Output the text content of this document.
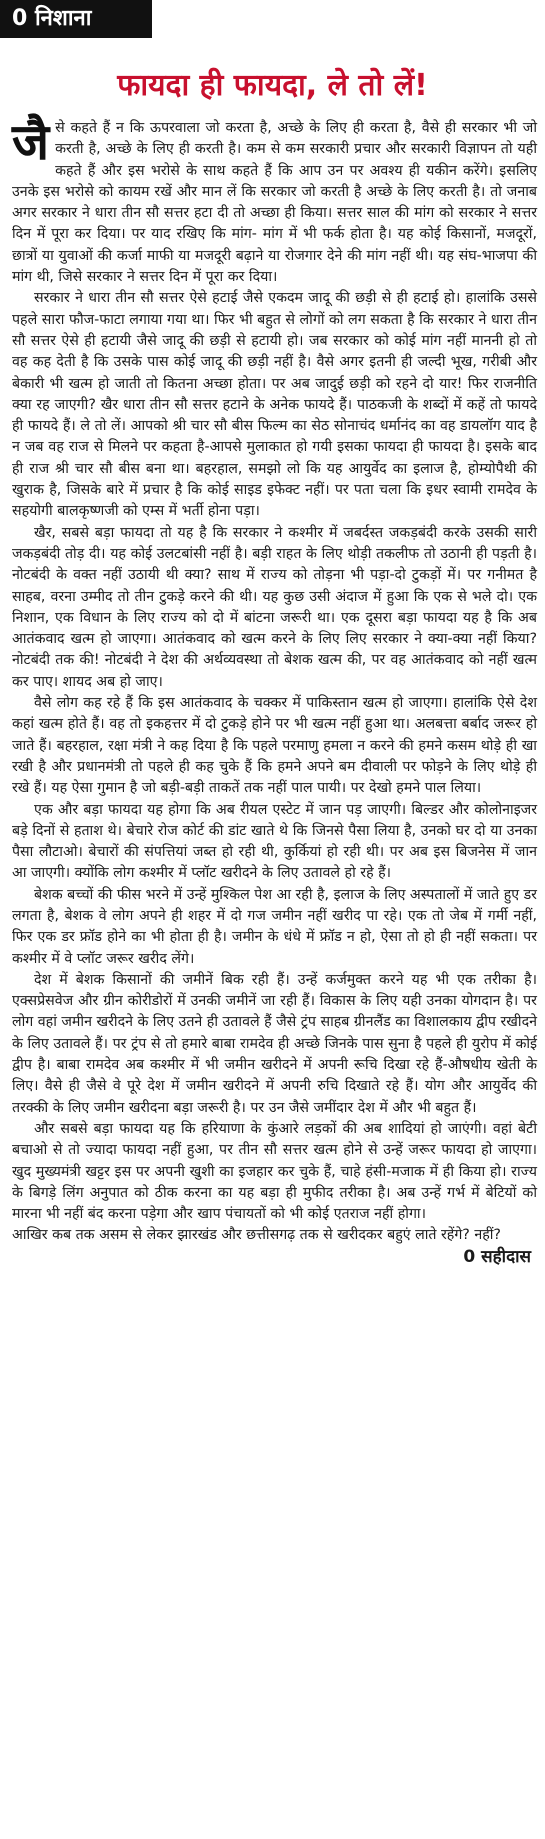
0 निशाना
फायदा ही फायदा, ले तो लें!

जैसे कहते हैं न कि ऊपरवाला जो करता है, अच्छे के लिए ही करता है, वैसे ही सरकार भी जो करती है, अच्छे के लिए ही करती है। कम से कम सरकारी प्रचार और सरकारी विज्ञापन तो यही कहते हैं और इस भरोसे के साथ कहते हैं कि आप उन पर अवश्य ही यकीन करेंगे। इसलिए उनके इस भरोसे को कायम रखें और मान लें कि सरकार जो करती है अच्छे के लिए करती है। तो जनाब अगर सरकार ने धारा तीन सौ सत्तर हटा दी तो अच्छा ही किया। सत्तर साल की मांग को सरकार ने सत्तर दिन में पूरा कर दिया। पर याद रखिए कि मांग- मांग में भी फर्क होता है। यह कोई किसानों, मजदूरों, छात्रों या युवाओं की कर्जा माफी या मजदूरी बढ़ाने या रोजगार देने की मांग नहीं थी। यह संघ-भाजपा की मांग थी, जिसे सरकार ने सत्तर दिन में पूरा कर दिया।

सरकार ने धारा तीन सौ सत्तर ऐसे हटाई जैसे एकदम जादू की छड़ी से ही हटाई हो। हालांकि उससे पहले सारा फौज-फाटा लगाया गया था। फिर भी बहुत से लोगों को लग सकता है कि सरकार ने धारा तीन सौ सत्तर ऐसे ही हटायी जैसे जादू की छड़ी से हटायी हो। जब सरकार को कोई मांग नहीं माननी हो तो वह कह देती है कि उसके पास कोई जादू की छड़ी नहीं है। वैसे अगर इतनी ही जल्दी भूख, गरीबी और बेकारी भी खत्म हो जाती तो कितना अच्छा होता। पर अब जादुई छड़ी को रहने दो यार! फिर राजनीति क्या रह जाएगी? खैर धारा तीन सौ सत्तर हटाने के अनेक फायदे हैं। पाठकजी के शब्दों में कहें तो फायदे ही फायदे हैं। ले तो लें। आपको श्री चार सौ बीस फिल्म का सेठ सोनाचंद धर्मानंद का वह डायलॉग याद है न जब वह राज से मिलने पर कहता है-आपसे मुलाकात हो गयी इसका फायदा ही फायदा है। इसके बाद ही राज श्री चार सौ बीस बना था। बहरहाल, समझो लो कि यह आयुर्वेद का इलाज है, होम्योपैथी की खुराक है, जिसके बारे में प्रचार है कि कोई साइड इफेक्ट नहीं। पर पता चला कि इधर स्वामी रामदेव के सहयोगी बालकृष्णजी को एम्स में भर्ती होना पड़ा।

खैर, सबसे बड़ा फायदा तो यह है कि सरकार ने कश्मीर में जबर्दस्त जकड़बंदी करके उसकी सारी जकड़बंदी तोड़ दी। यह कोई उलटबांसी नहीं है। बड़ी राहत के लिए थोड़ी तकलीफ तो उठानी ही पड़ती है। नोटबंदी के वक्त नहीं उठायी थी क्या? साथ में राज्य को तोड़ना भी पड़ा-दो टुकड़ों में। पर गनीमत है साहब, वरना उम्मीद तो तीन टुकड़े करने की थी। यह कुछ उसी अंदाज में हुआ कि एक से भले दो। एक निशान, एक विधान के लिए राज्य को दो में बांटना जरूरी था। एक दूसरा बड़ा फायदा यह है कि अब आतंकवाद खत्म हो जाएगा। आतंकवाद को खत्म करने के लिए लिए सरकार ने क्या-क्या नहीं किया? नोटबंदी तक की! नोटबंदी ने देश की अर्थव्यवस्था तो बेशक खत्म की, पर वह आतंकवाद को नहीं खत्म कर पाए। शायद अब हो जाए।

वैसे लोग कह रहे हैं कि इस आतंकवाद के चक्कर में पाकिस्तान खत्म हो जाएगा। हालांकि ऐसे देश कहां खत्म होते हैं। वह तो इकहत्तर में दो टुकड़े होने पर भी खत्म नहीं हुआ था। अलबत्ता बर्बाद जरूर हो जाते हैं। बहरहाल, रक्षा मंत्री ने कह दिया है कि पहले परमाणु हमला न करने की हमने कसम थोड़े ही खा रखी है और प्रधानमंत्री तो पहले ही कह चुके हैं कि हमने अपने बम दीवाली पर फोड़ने के लिए थोड़े ही रखे हैं। यह ऐसा गुमान है जो बड़ी-बड़ी ताकतें तक नहीं पाल पायी। पर देखो हमने पाल लिया।

एक और बड़ा फायदा यह होगा कि अब रीयल एस्टेट में जान पड़ जाएगी। बिल्डर और कोलोनाइजर बड़े दिनों से हताश थे। बेचारे रोज कोर्ट की डांट खाते थे कि जिनसे पैसा लिया है, उनको घर दो या उनका पैसा लौटाओ। बेचारों की संपत्तियां जब्त हो रही थी, कुर्कियां हो रही थी। पर अब इस बिजनेस में जान आ जाएगी। क्योंकि लोग कश्मीर में प्लॉट खरीदने के लिए उतावले हो रहे हैं।

बेशक बच्चों की फीस भरने में उन्हें मुश्किल पेश आ रही है, इलाज के लिए अस्पतालों में जाते हुए डर लगता है, बेशक वे लोग अपने ही शहर में दो गज जमीन नहीं खरीद पा रहे। एक तो जेब में गर्मी नहीं, फिर एक डर फ्रॉड होने का भी होता ही है। जमीन के धंधे में फ्रॉड न हो, ऐसा तो हो ही नहीं सकता। पर कश्मीर में वे प्लॉट जरूर खरीद लेंगे।

देश में बेशक किसानों की जमीनें बिक रही हैं। उन्हें कर्जमुक्त करने यह भी एक तरीका है। एक्सप्रेसवेज और ग्रीन कोरीडोरों में उनकी जमीनें जा रही हैं। विकास के लिए यही उनका योगदान है। पर लोग वहां जमीन खरीदने के लिए उतने ही उतावले हैं जैसे ट्रंप साहब ग्रीनलैंड का विशालकाय द्वीप रखीदने के लिए उतावले हैं। पर ट्रंप से तो हमारे बाबा रामदेव ही अच्छे जिनके पास सुना है पहले ही युरोप में कोई द्वीप है। बाबा रामदेव अब कश्मीर में भी जमीन खरीदने में अपनी रूचि दिखा रहे हैं-औषधीय खेती के लिए। वैसे ही जैसे वे पूरे देश में जमीन खरीदने में अपनी रुचि दिखाते रहे हैं। योग और आयुर्वेद की तरक्की के लिए जमीन खरीदना बड़ा जरूरी है। पर उन जैसे जमींदार देश में और भी बहुत हैं।

और सबसे बड़ा फायदा यह कि हरियाणा के कुंआरे लड़कों की अब शादियां हो जाएंगी। वहां बेटी बचाओ से तो ज्यादा फायदा नहीं हुआ, पर तीन सौ सत्तर खत्म होने से उन्हें जरूर फायदा हो जाएगा। खुद मुख्यमंत्री खट्टर इस पर अपनी खुशी का इजहार कर चुके हैं, चाहे हंसी-मजाक में ही किया हो। राज्य के बिगड़े लिंग अनुपात को ठीक करना का यह बड़ा ही मुफीद तरीका है। अब उन्हें गर्भ में बेटियों को मारना भी नहीं बंद करना पड़ेगा और खाप पंचायतों को भी कोई एतराज नहीं होगा।

आखिर कब तक असम से लेकर झारखंड और छत्तीसगढ़ तक से खरीदकर बहुएं लाते रहेंगे? नहीं?
0 सहीदास
